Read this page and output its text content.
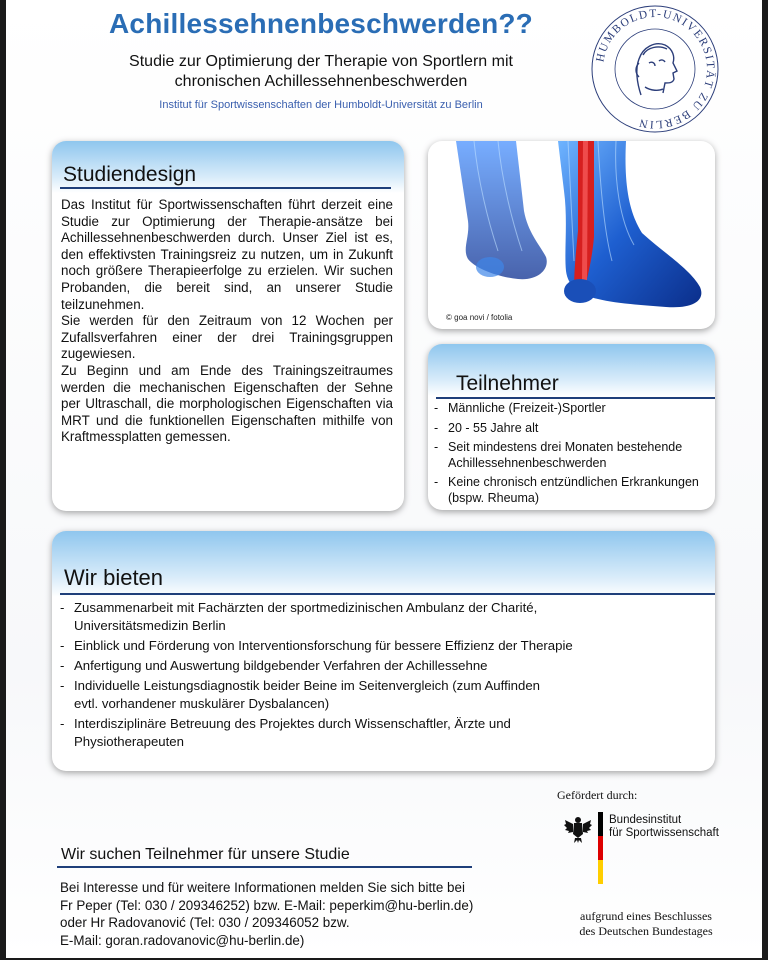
Achillessehnenbeschwerden??
Studie zur Optimierung der Therapie von Sportlern mit
chronischen Achillessehnenbeschwerden
Institut für Sportwissenschaften der Humboldt-Universität zu Berlin
HUMBOLDT-UNIVERSITÄT ZU BERLIN
Studiendesign

Das Institut für Sportwissenschaften führt derzeit eine Studie zur Optimierung der Therapie-ansätze bei Achillessehnenbeschwerden durch. Unser Ziel ist es, den effektivsten Trainingsreiz zu nutzen, um in Zukunft noch größere Therapieerfolge zu erzielen. Wir suchen Probanden, die bereit sind, an unserer Studie teilzunehmen.

Sie werden für den Zeitraum von 12 Wochen per Zufallsverfahren einer der drei Trainingsgruppen zugewiesen.

Zu Beginn und am Ende des Trainingszeitraumes werden die mechanischen Eigenschaften der Sehne per Ultraschall, die morphologischen Eigenschaften via MRT und die funktionellen Eigenschaften mithilfe von Kraftmessplatten gemessen.

© goa novi / fotolia
Teilnehmer
- Männliche (Freizeit-)Sportler
- 20 - 55 Jahre alt
- Seit mindestens drei Monaten bestehende Achillessehnenbeschwerden
- Keine chronisch entzündlichen Erkrankungen (bspw. Rheuma)
Wir bieten
- Zusammenarbeit mit Fachärzten der sportmedizinischen Ambulanz der Charité, Universitätsmedizin Berlin
- Einblick und Förderung von Interventionsforschung für bessere Effizienz der Therapie
- Anfertigung und Auswertung bildgebender Verfahren der Achillessehne
- Individuelle Leistungsdiagnostik beider Beine im Seitenvergleich (zum Auffinden evtl. vorhandener muskulärer Dysbalancen)
- Interdisziplinäre Betreuung des Projektes durch Wissenschaftler, Ärzte und Physiotherapeuten
Gefördert durch:
Bundesinstitut
für Sportwissenschaft
aufgrund eines Beschlusses
des Deutschen Bundestages
Wir suchen Teilnehmer für unsere Studie
Bei Interesse und für weitere Informationen melden Sie sich bitte bei
Fr Peper (Tel: 030 / 209346252) bzw. E-Mail: peperkim@hu-berlin.de)
oder Hr Radovanović (Tel: 030 / 209346052 bzw.
E-Mail: goran.radovanovic@hu-berlin.de)
